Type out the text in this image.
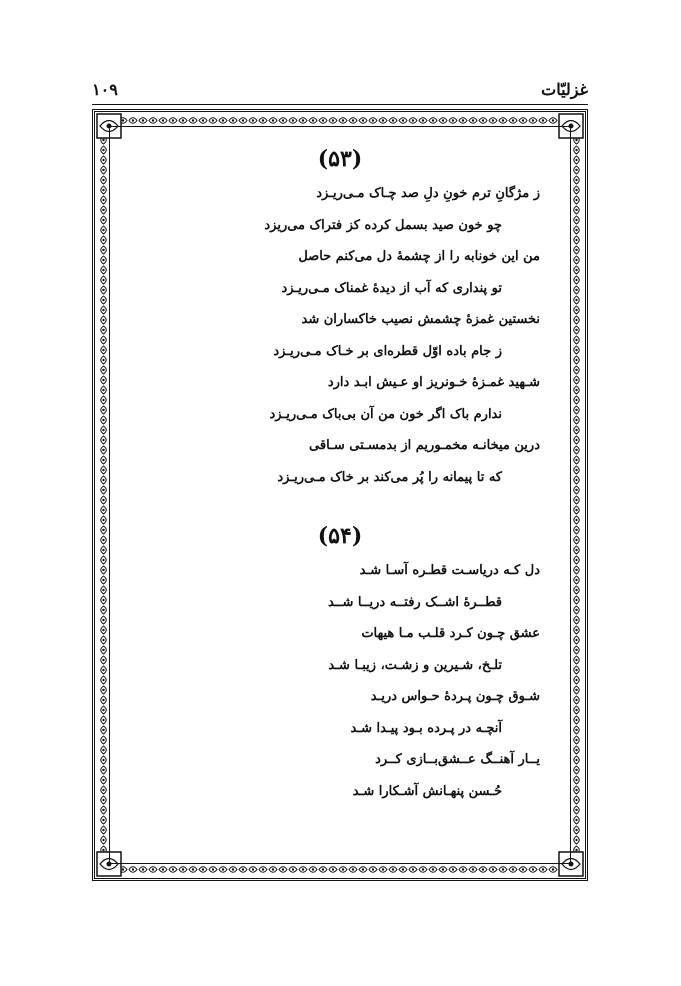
۱۰۹	غزلیّات
(۵۳)
ز مژگانِ ترم خونِ دلِ صد چـاک مـی‌ریـزد
چو خون صید بسمل کرده کز فتراک می‌ریزد
من این خونابه را از چشمهٔ دل می‌کنم حاصل
تو پنداری که آب از دیدهٔ غمناک مـی‌ریـزد
نخستین غمزهٔ چشمش نصیب خاکساران شد
ز جام باده اوّل قطره‌ای بر خـاک مـی‌ریـزد
شـهید غمـزهٔ خـونریز او عـیش ابـد دارد
ندارم باک اگر خون من آن بی‌باک مـی‌ریـزد
درین میخانـه مخمـوریم از بدمسـتی سـاقی
که تا پیمانه را پُر می‌کند بر خاک مـی‌ریـزد
(۵۴)
دل کـه دریاسـت قطـره آسـا شـد
قطــرهٔ اشــک رفتــه دریــا شــد
عشق چـون کـرد قلـب مـا هیهات
تلـخ، شـیرین و زشـت، زیبـا شـد
شـوق چـون پـردهٔ حـواس دریـد
آنچـه در پـرده بـود پیـدا شـد
یــار آهنــگ عــشق‌بــازی کــرد
حُـسن پنهـانش آشـکارا شـد
